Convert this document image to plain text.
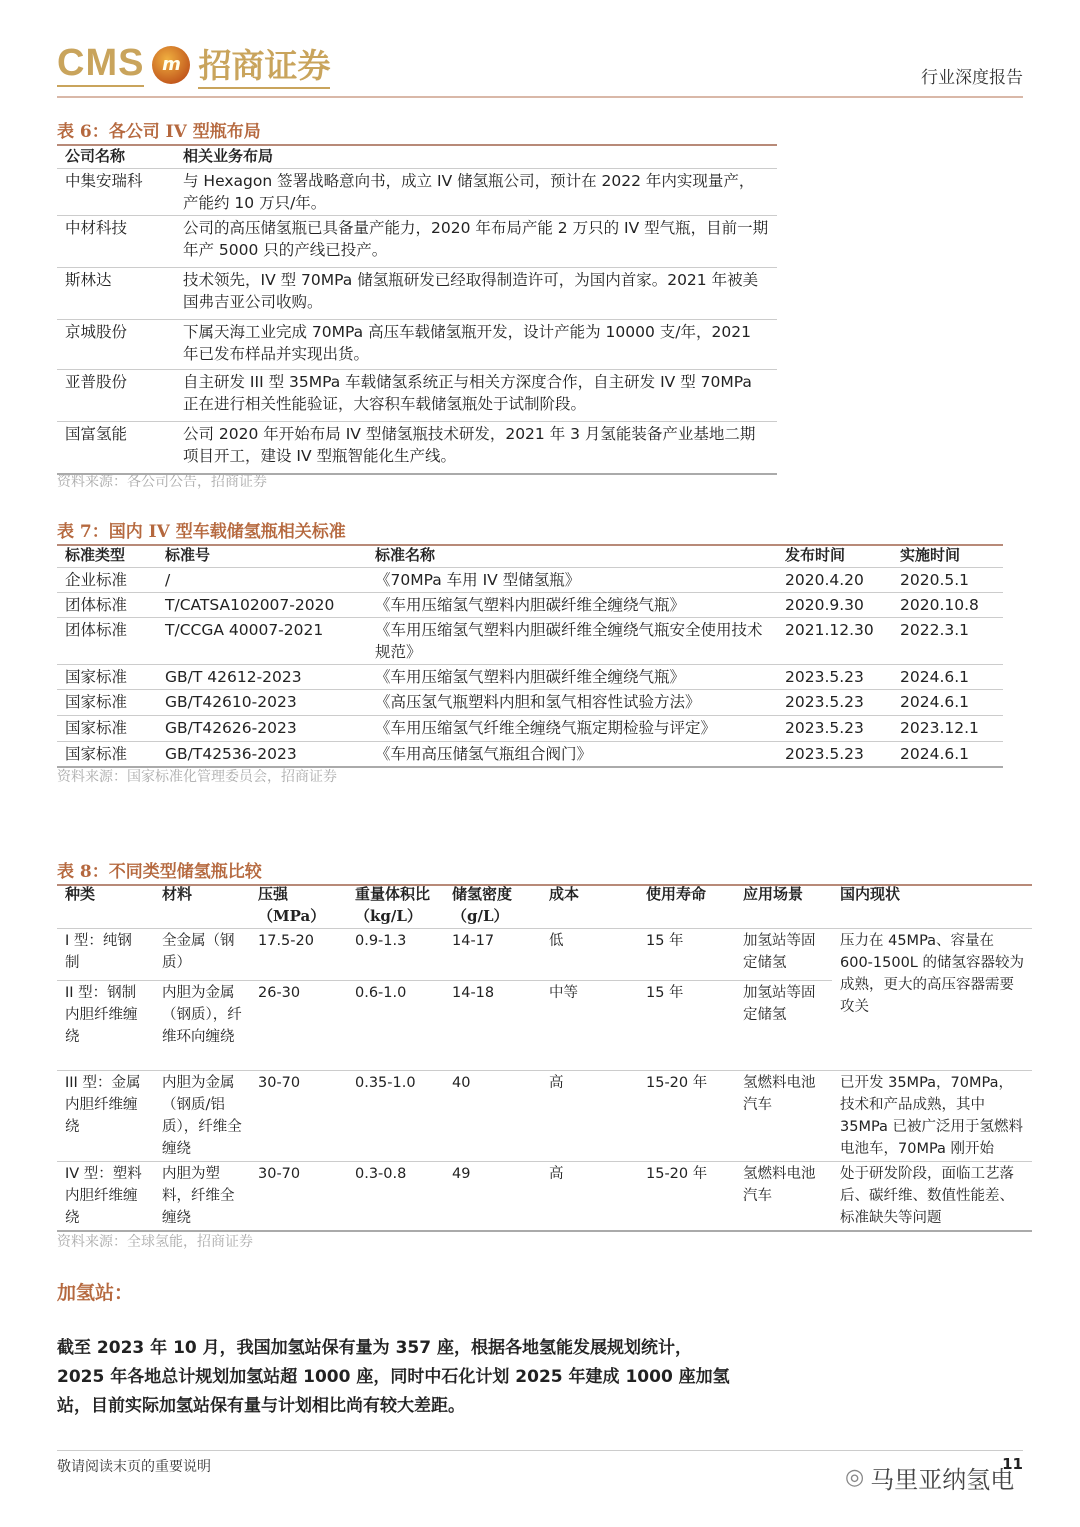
CMS m 招商证券	行业深度报告
表 6：各公司 IV 型瓶布局
公司名称	相关业务布局
中集安瑞科	与 Hexagon 签署战略意向书，成立 IV 储氢瓶公司，预计在 2022 年内实现量产，产能约 10 万只/年。
中材科技	公司的高压储氢瓶已具备量产能力，2020 年布局产能 2 万只的 IV 型气瓶，目前一期年产 5000 只的产线已投产。
斯林达	技术领先，IV 型 70MPa 储氢瓶研发已经取得制造许可，为国内首家。2021 年被美国弗吉亚公司收购。
京城股份	下属天海工业完成 70MPa 高压车载储氢瓶开发，设计产能为 10000 支/年，2021 年已发布样品并实现出货。
亚普股份	自主研发 III 型 35MPa 车载储氢系统正与相关方深度合作，自主研发 IV 型 70MPa 正在进行相关性能验证，大容积车载储氢瓶处于试制阶段。
国富氢能	公司 2020 年开始布局 IV 型储氢瓶技术研发，2021 年 3 月氢能装备产业基地二期项目开工，建设 IV 型瓶智能化生产线。
资料来源：各公司公告，招商证券
表 7：国内 IV 型车载储氢瓶相关标准
标准类型	标准号	标准名称	发布时间	实施时间
企业标准	/	《70MPa 车用 IV 型储氢瓶》	2020.4.20	2020.5.1
团体标准	T/CATSA102007-2020	《车用压缩氢气塑料内胆碳纤维全缠绕气瓶》	2020.9.30	2020.10.8
团体标准	T/CCGA 40007-2021	《车用压缩氢气塑料内胆碳纤维全缠绕气瓶安全使用技术规范》	2021.12.30	2022.3.1
国家标准	GB/T 42612-2023	《车用压缩氢气塑料内胆碳纤维全缠绕气瓶》	2023.5.23	2024.6.1
国家标准	GB/T42610-2023	《高压氢气瓶塑料内胆和氢气相容性试验方法》	2023.5.23	2024.6.1
国家标准	GB/T42626-2023	《车用压缩氢气纤维全缠绕气瓶定期检验与评定》	2023.5.23	2023.12.1
国家标准	GB/T42536-2023	《车用高压储氢气瓶组合阀门》	2023.5.23	2024.6.1
资料来源：国家标准化管理委员会，招商证券
表 8：不同类型储氢瓶比较
种类	材料	压强（MPa）	重量体积比（kg/L）	储氢密度（g/L）	成本	使用寿命	应用场景	国内现状
I 型：纯钢制	全金属（钢质）	17.5-20	0.9-1.3	14-17	低	15 年	加氢站等固定储氢	压力在 45MPa、容量在 600-1500L 的储氢容器较为成熟，更大的高压容器需要攻关
II 型：钢制内胆纤维缠绕	内胆为金属（钢质），纤维环向缠绕	26-30	0.6-1.0	14-18	中等	15 年	加氢站等固定储氢	
III 型：金属内胆纤维缠绕	内胆为金属（钢质/铝质），纤维全缠绕	30-70	0.35-1.0	40	高	15-20 年	氢燃料电池汽车	已开发 35MPa，70MPa，技术和产品成熟，其中 35MPa 已被广泛用于氢燃料电池车，70MPa 刚开始
IV 型：塑料内胆纤维缠绕	内胆为塑料，纤维全缠绕	30-70	0.3-0.8	49	高	15-20 年	氢燃料电池汽车	处于研发阶段，面临工艺落后、碳纤维、数值性能差、标准缺失等问题
资料来源：全球氢能，招商证券
加氢站：
截至 2023 年 10 月，我国加氢站保有量为 357 座，根据各地氢能发展规划统计，2025 年各地总计规划加氢站超 1000 座，同时中石化计划 2025 年建成 1000 座加氢站，目前实际加氢站保有量与计划相比尚有较大差距。
敬请阅读末页的重要说明	11
◎ 马里亚纳氢电
